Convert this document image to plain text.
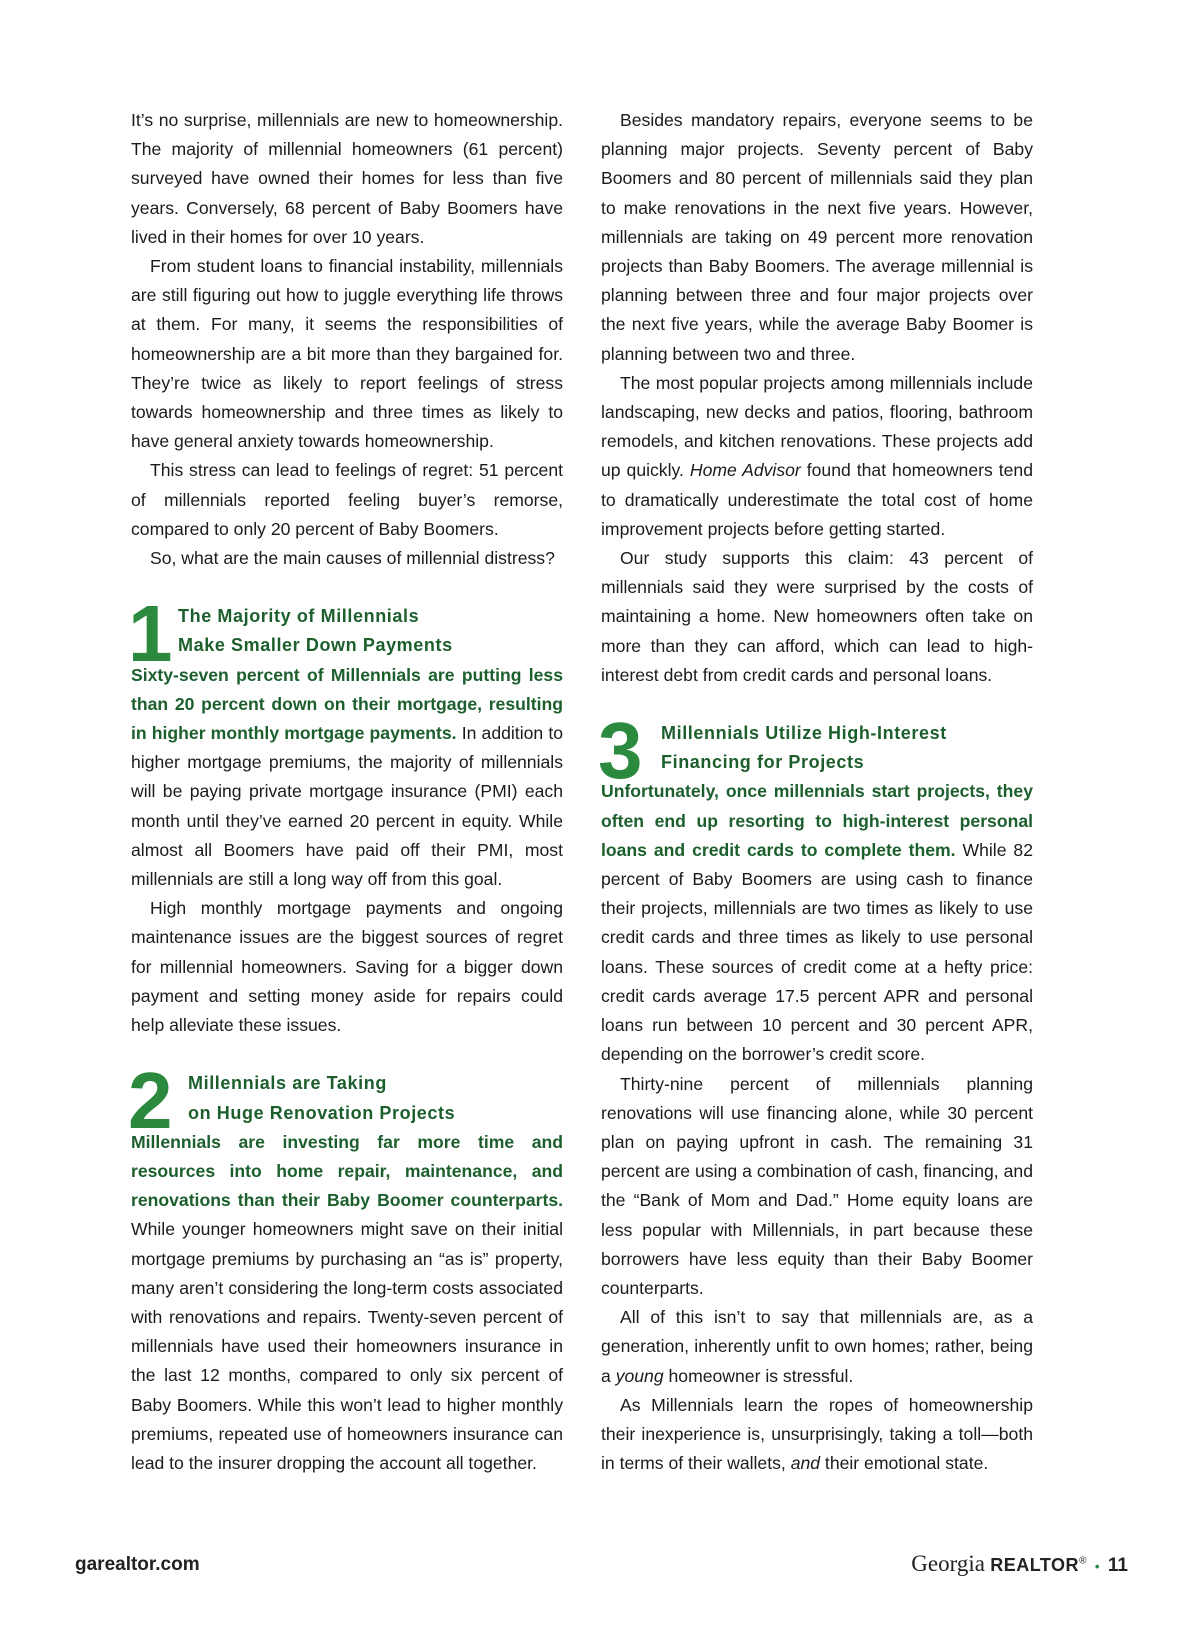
It’s no surprise, millennials are new to homeownership. The majority of millennial homeowners (61 percent) surveyed have owned their homes for less than five years. Conversely, 68 percent of Baby Boomers have lived in their homes for over 10 years.

From student loans to financial instability, millennials are still figuring out how to juggle everything life throws at them. For many, it seems the responsibilities of homeownership are a bit more than they bargained for. They’re twice as likely to report feelings of stress towards homeownership and three times as likely to have general anxiety towards homeownership.

This stress can lead to feelings of regret: 51 percent of millennials reported feeling buyer’s remorse, compared to only 20 percent of Baby Boomers.

So, what are the main causes of millennial distress?

1 The Majority of Millennials
Make Smaller Down Payments

Sixty-seven percent of Millennials are putting less than 20 percent down on their mortgage, resulting in higher monthly mortgage payments. In addition to higher mortgage premiums, the majority of millennials will be paying private mortgage insurance (PMI) each month until they’ve earned 20 percent in equity. While almost all Boomers have paid off their PMI, most millennials are still a long way off from this goal.

High monthly mortgage payments and ongoing maintenance issues are the biggest sources of regret for millennial homeowners. Saving for a bigger down payment and setting money aside for repairs could help alleviate these issues.

2 Millennials are Taking
on Huge Renovation Projects

Millennials are investing far more time and resources into home repair, maintenance, and renovations than their Baby Boomer counterparts. While younger homeowners might save on their initial mortgage premiums by purchasing an “as is” property, many aren’t considering the long-term costs associated with renovations and repairs. Twenty-seven percent of millennials have used their homeowners insurance in the last 12 months, compared to only six percent of Baby Boomers. While this won’t lead to higher monthly premiums, repeated use of homeowners insurance can lead to the insurer dropping the account all together.

Besides mandatory repairs, everyone seems to be planning major projects. Seventy percent of Baby Boomers and 80 percent of millennials said they plan to make renovations in the next five years. However, millennials are taking on 49 percent more renovation projects than Baby Boomers. The average millennial is planning between three and four major projects over the next five years, while the average Baby Boomer is planning between two and three.

The most popular projects among millennials include landscaping, new decks and patios, flooring, bathroom remodels, and kitchen renovations. These projects add up quickly. Home Advisor found that homeowners tend to dramatically underestimate the total cost of home improvement projects before getting started.

Our study supports this claim: 43 percent of millennials said they were surprised by the costs of maintaining a home. New homeowners often take on more than they can afford, which can lead to high-interest debt from credit cards and personal loans.

3	Millennials Utilize High-Interest
Financing for Projects

Unfortunately, once millennials start projects, they often end up resorting to high-interest personal loans and credit cards to complete them. While 82 percent of Baby Boomers are using cash to finance their projects, millennials are two times as likely to use credit cards and three times as likely to use personal loans. These sources of credit come at a hefty price: credit cards average 17.5 percent APR and personal loans run between 10 percent and 30 percent APR, depending on the borrower’s credit score.

Thirty-nine percent of millennials planning renovations will use financing alone, while 30 percent plan on paying upfront in cash. The remaining 31 percent are using a combination of cash, financing, and the “Bank of Mom and Dad.” Home equity loans are less popular with Millennials, in part because these borrowers have less equity than their Baby Boomer counterparts.

All of this isn’t to say that millennials are, as a generation, inherently unfit to own homes; rather, being a young homeowner is stressful.

As Millennials learn the ropes of homeownership their inexperience is, unsurprisingly, taking a toll—both in terms of their wallets, and their emotional state.

garealtor.com	Georgia REALTOR® • 11
